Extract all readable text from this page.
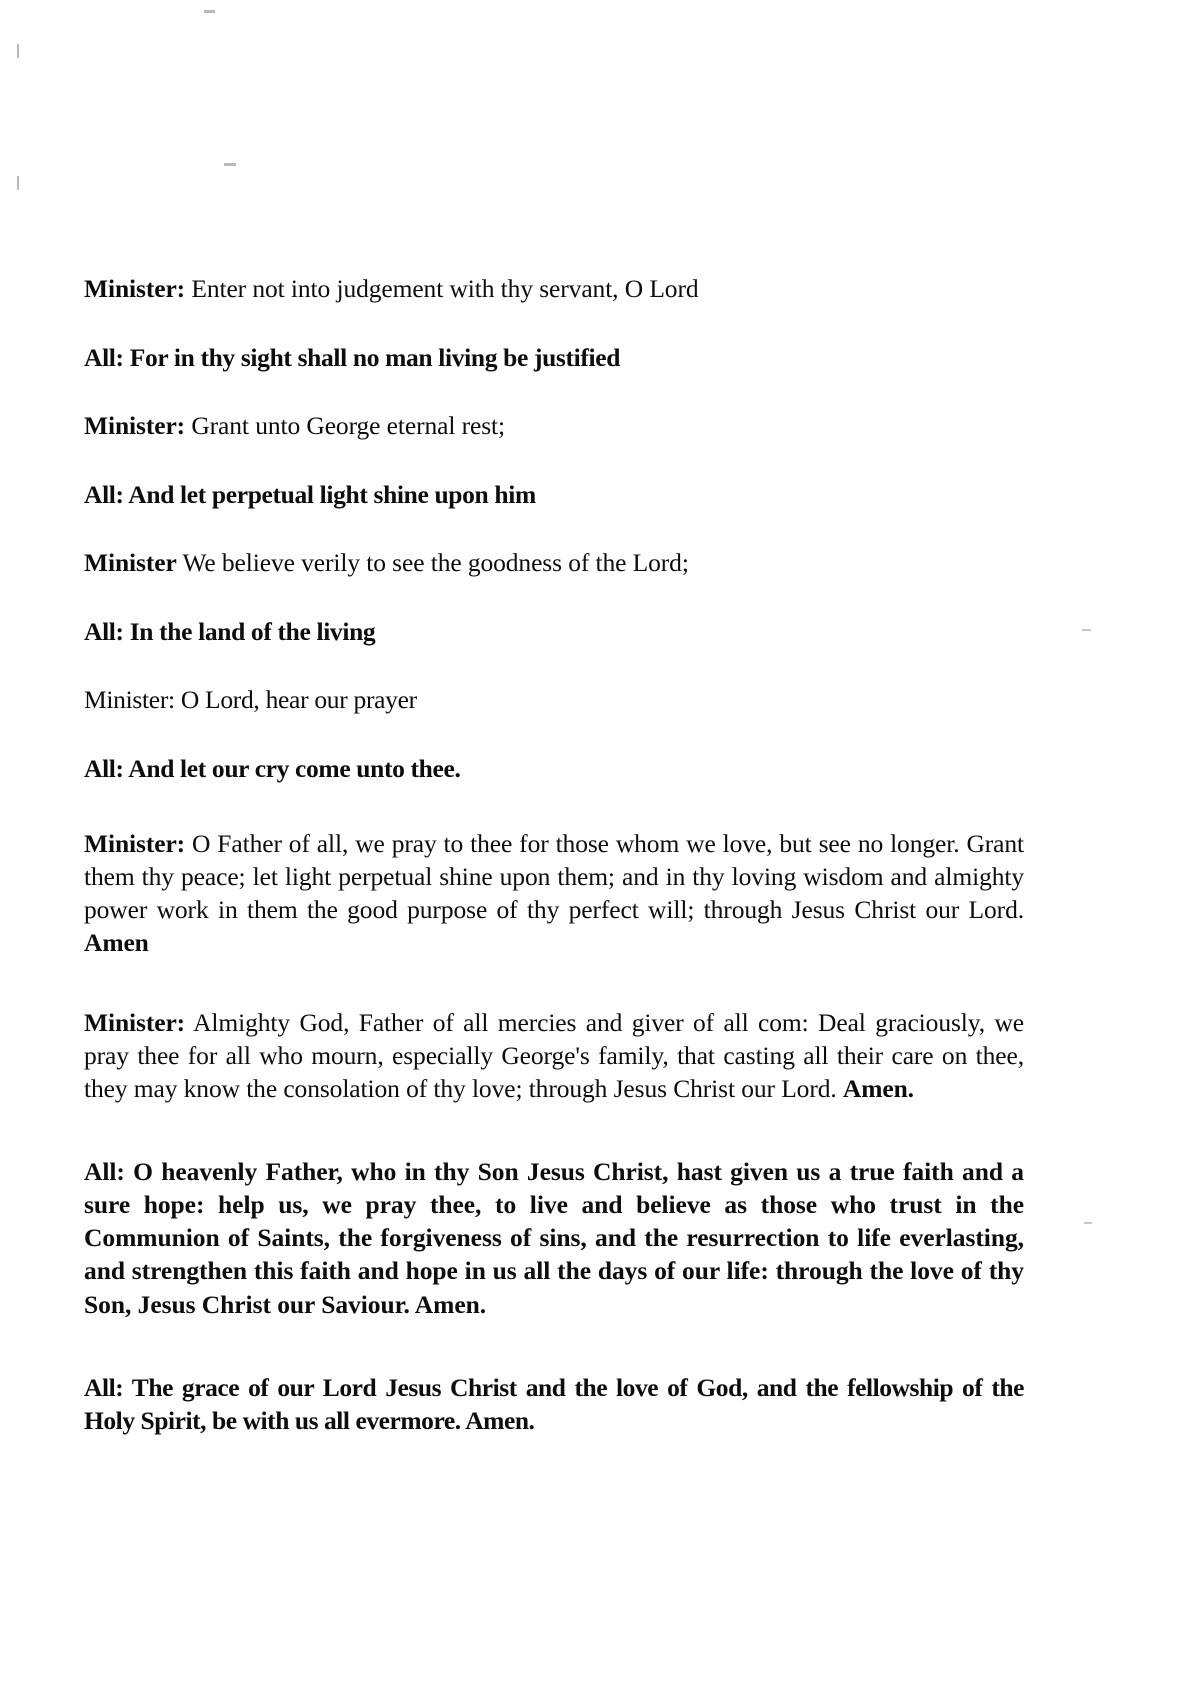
Minister: Enter not into judgement with thy servant, O Lord

All: For in thy sight shall no man living be justified

Minister: Grant unto George eternal rest;

All: And let perpetual light shine upon him

Minister We believe verily to see the goodness of the Lord;

All: In the land of the living

Minister: O Lord, hear our prayer

All: And let our cry come unto thee.

Minister: O Father of all, we pray to thee for those whom we love, but see no longer. Grant them thy peace; let light perpetual shine upon them; and in thy loving wisdom and almighty power work in them the good purpose of thy perfect will; through Jesus Christ our Lord. Amen

Minister: Almighty God, Father of all mercies and giver of all com: Deal graciously, we pray thee for all who mourn, especially George's family, that casting all their care on thee, they may know the consolation of thy love; through Jesus Christ our Lord. Amen.

All: O heavenly Father, who in thy Son Jesus Christ, hast given us a true faith and a sure hope: help us, we pray thee, to live and believe as those who trust in the Communion of Saints, the forgiveness of sins, and the resurrection to life everlasting, and strengthen this faith and hope in us all the days of our life: through the love of thy Son, Jesus Christ our Saviour. Amen.

All: The grace of our Lord Jesus Christ and the love of God, and the fellowship of the Holy Spirit, be with us all evermore. Amen.
